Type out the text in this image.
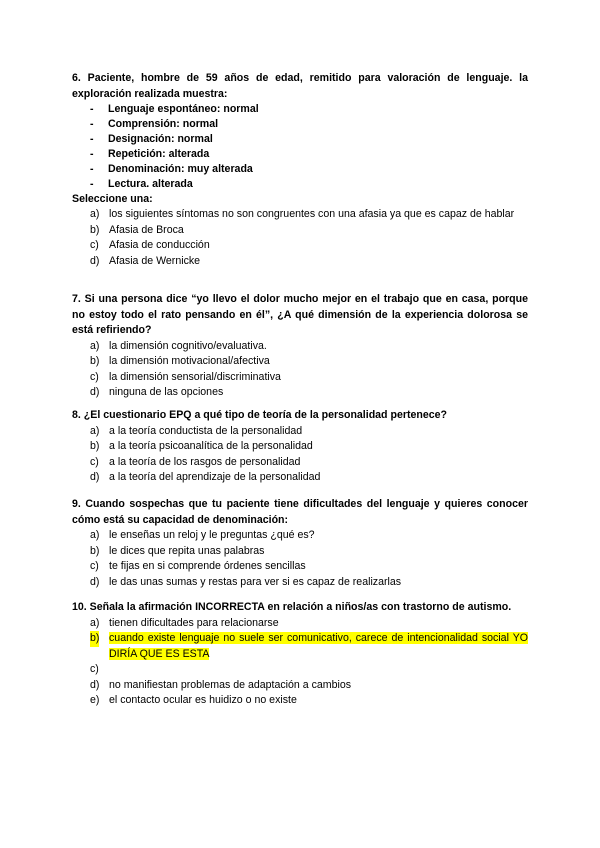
6. Paciente, hombre de 59 años de edad, remitido para valoración de lenguaje. la exploración realizada muestra:

- Lenguaje espontáneo: normal
- Comprensión: normal
- Designación: normal
- Repetición: alterada
- Denominación: muy alterada
- Lectura. alterada
Seleccione una:
a) los siguientes síntomas no son congruentes con una afasia ya que es capaz de hablar
b) Afasia de Broca
c) Afasia de conducción
d) Afasia de Wernicke

7. Si una persona dice “yo llevo el dolor mucho mejor en el trabajo que en casa, porque no estoy todo el rato pensando en él”, ¿A qué dimensión de la experiencia dolorosa se está refiriendo?

a) la dimensión cognitivo/evaluativa.
b) la dimensión motivacional/afectiva
c) la dimensión sensorial/discriminativa
d) ninguna de las opciones

8. ¿El cuestionario EPQ a qué tipo de teoría de la personalidad pertenece?

a) a la teoría conductista de la personalidad
b) a la teoría psicoanalítica de la personalidad
c) a la teoría de los rasgos de personalidad
d) a la teoría del aprendizaje de la personalidad

9. Cuando sospechas que tu paciente tiene dificultades del lenguaje y quieres conocer cómo está su capacidad de denominación:

a) le enseñas un reloj y le preguntas ¿qué es?
b) le dices que repita unas palabras
c) te fijas en si comprende órdenes sencillas
d) le das unas sumas y restas para ver si es capaz de realizarlas

10. Señala la afirmación INCORRECTA en relación a niños/as con trastorno de autismo.

a) tienen dificultades para relacionarse
b) cuando existe lenguaje no suele ser comunicativo, carece de intencionalidad social YO DIRÍA QUE ES ESTA
c)

d) no manifiestan problemas de adaptación a cambios
e) el contacto ocular es huidizo o no existe
